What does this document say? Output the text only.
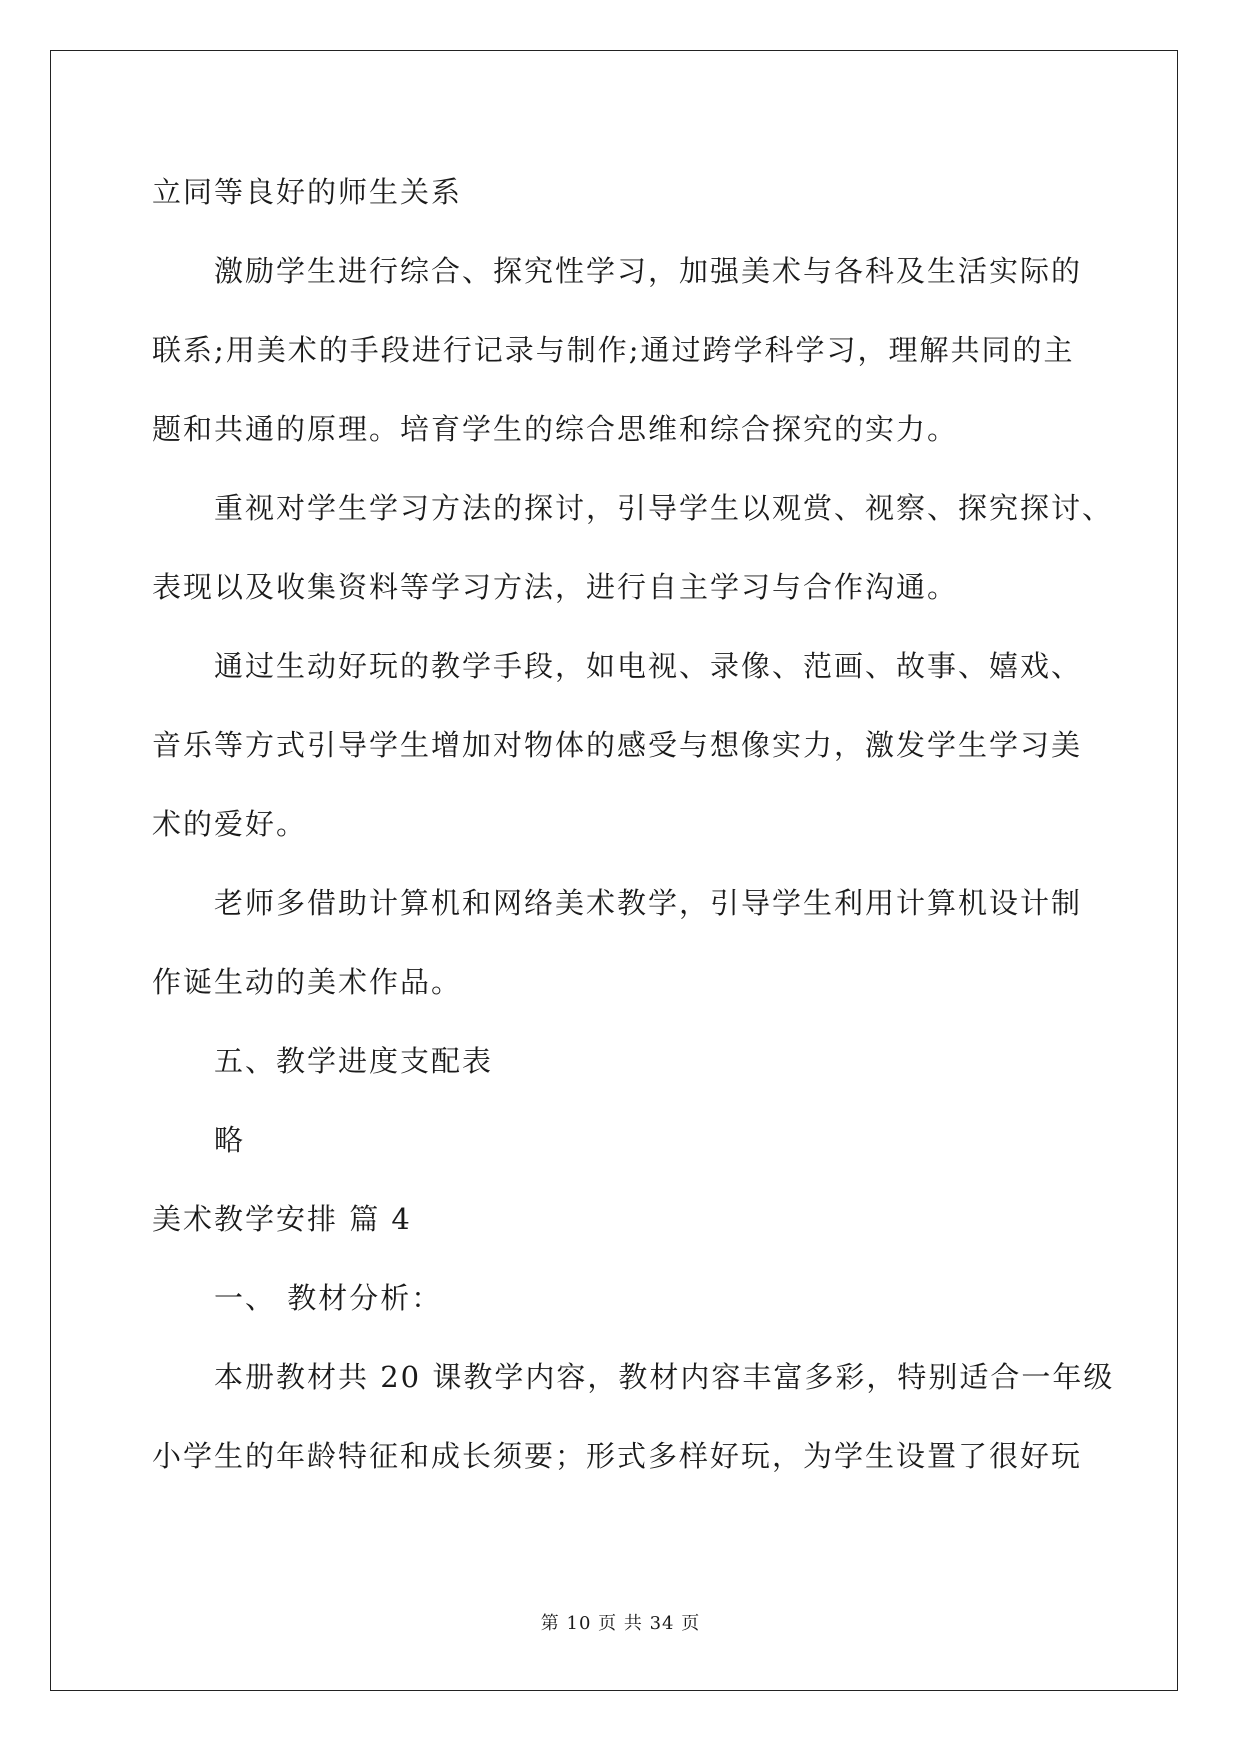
立同等良好的师生关系
激励学生进行综合、探究性学习，加强美术与各科及生活实际的
联系;用美术的手段进行记录与制作;通过跨学科学习，理解共同的主
题和共通的原理。培育学生的综合思维和综合探究的实力。
重视对学生学习方法的探讨，引导学生以观赏、视察、探究探讨、
表现以及收集资料等学习方法，进行自主学习与合作沟通。
通过生动好玩的教学手段，如电视、录像、范画、故事、嬉戏、
音乐等方式引导学生增加对物体的感受与想像实力，激发学生学习美
术的爱好。
老师多借助计算机和网络美术教学，引导学生利用计算机设计制
作诞生动的美术作品。
五、教学进度支配表
略
美术教学安排 篇 4
一、 教材分析：
本册教材共 20 课教学内容，教材内容丰富多彩，特别适合一年级
小学生的年龄特征和成长须要；形式多样好玩，为学生设置了很好玩
第 10 页 共 34 页
